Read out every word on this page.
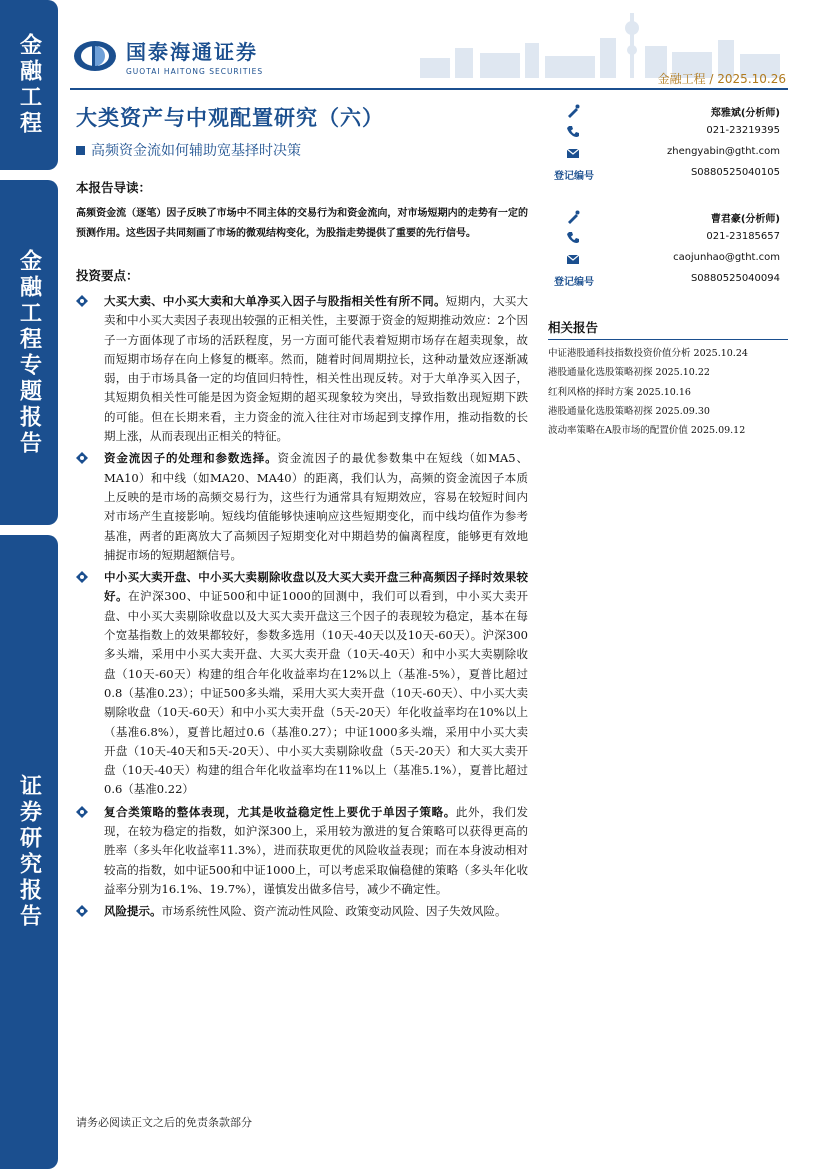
金融工程
金融工程专题报告
证券研究报告
国泰海通证券
GUOTAI HAITONG SECURITIES
金融工程 / 2025.10.26
大类资产与中观配置研究（六）
高频资金流如何辅助宽基择时决策
本报告导读：
高频资金流（逐笔）因子反映了市场中不同主体的交易行为和资金流向，对市场短期内的走势有一定的预测作用。这些因子共同刻画了市场的微观结构变化，为股指走势提供了重要的先行信号。
投资要点：
大买大卖、中小买大卖和大单净买入因子与股指相关性有所不同。短期内，大买大卖和中小买大卖因子表现出较强的正相关性，主要源于资金的短期推动效应：2个因子一方面体现了市场的活跃程度，另一方面可能代表着短期市场存在超卖现象，故而短期市场存在向上修复的概率。然而，随着时间周期拉长，这种动量效应逐渐减弱，由于市场具备一定的均值回归特性，相关性出现反转。对于大单净买入因子，其短期负相关性可能是因为资金短期的超买现象较为突出，导致指数出现短期下跌的可能。但在长期来看，主力资金的流入往往对市场起到支撑作用，推动指数的长期上涨，从而表现出正相关的特征。
资金流因子的处理和参数选择。资金流因子的最优参数集中在短线（如MA5、MA10）和中线（如MA20、MA40）的距离，我们认为，高频的资金流因子本质上反映的是市场的高频交易行为，这些行为通常具有短期效应，容易在较短时间内对市场产生直接影响。短线均值能够快速响应这些短期变化，而中线均值作为参考基准，两者的距离放大了高频因子短期变化对中期趋势的偏离程度，能够更有效地捕捉市场的短期超额信号。
中小买大卖开盘、中小买大卖剔除收盘以及大买大卖开盘三种高频因子择时效果较好。在沪深300、中证500和中证1000的回测中，我们可以看到，中小买大卖开盘、中小买大卖剔除收盘以及大买大卖开盘这三个因子的表现较为稳定，基本在每个宽基指数上的效果都较好，参数多选用（10天-40天以及10天-60天）。沪深300多头端，采用中小买大卖开盘、大买大卖开盘（10天-40天）和中小买大卖剔除收盘（10天-60天）构建的组合年化收益率均在12%以上（基准-5%），夏普比超过0.8（基准0.23）；中证500多头端，采用大买大卖开盘（10天-60天）、中小买大卖剔除收盘（10天-60天）和中小买大卖开盘（5天-20天）年化收益率均在10%以上（基准6.8%），夏普比超过0.6（基准0.27）；中证1000多头端，采用中小买大卖开盘（10天-40天和5天-20天）、中小买大卖剔除收盘（5天-20天）和大买大卖开盘（10天-40天）构建的组合年化收益率均在11%以上（基准5.1%），夏普比超过0.6（基准0.22）
复合类策略的整体表现，尤其是收益稳定性上要优于单因子策略。此外，我们发现，在较为稳定的指数，如沪深300上，采用较为激进的复合策略可以获得更高的胜率（多头年化收益率11.3%），进而获取更优的风险收益表现；而在本身波动相对较高的指数，如中证500和中证1000上，可以考虑采取偏稳健的策略（多头年化收益率分别为16.1%、19.7%），谨慎发出做多信号，减少不确定性。
风险提示。市场系统性风险、资产流动性风险、政策变动风险、因子失效风险。
郑雅斌(分析师)
021-23219395
zhengyabin@gtht.com
登记编号	S0880525040105
曹君豪(分析师)
021-23185657
caojunhao@gtht.com
登记编号	S0880525040094
相关报告
中证港股通科技指数投资价值分析 2025.10.24
港股通量化选股策略初探 2025.10.22
红利风格的择时方案 2025.10.16
港股通量化选股策略初探 2025.09.30
波动率策略在A股市场的配置价值 2025.09.12
请务必阅读正文之后的免责条款部分
